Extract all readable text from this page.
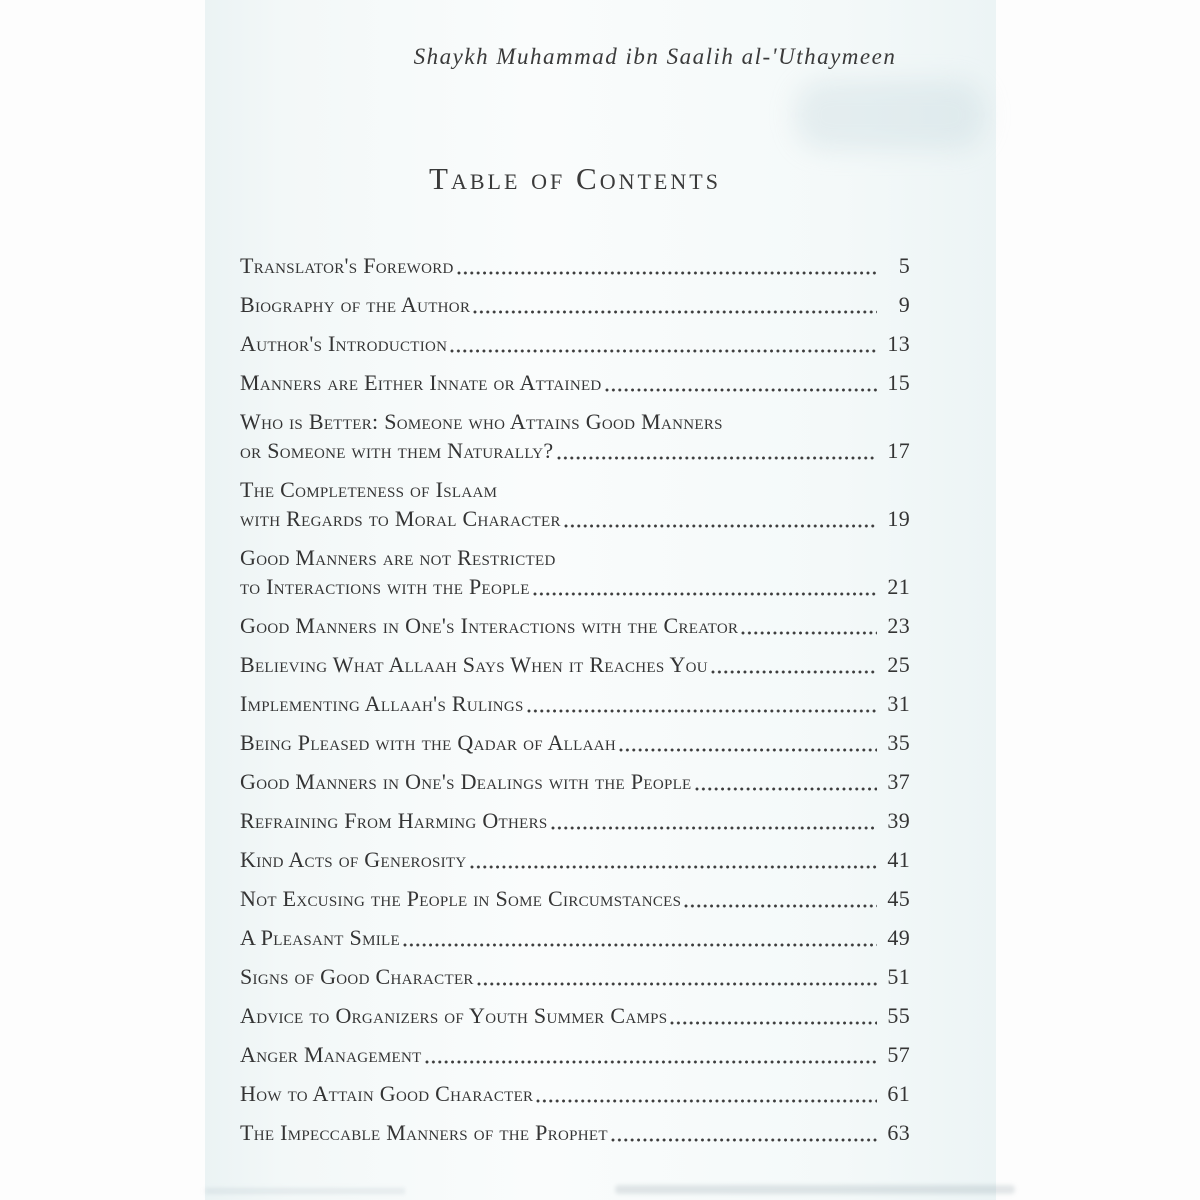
Shaykh Muhammad ibn Saalih al-'Uthaymeen
Table of Contents
Translator's Foreword	5
Biography of the Author	9
Author's Introduction	13
Manners are Either Innate or Attained	15
Who is Better: Someone who Attains Good Manners
or Someone with them Naturally?	17
The Completeness of Islaam
with Regards to Moral Character	19
Good Manners are not Restricted
to Interactions with the People	21
Good Manners in One's Interactions with the Creator	23
Believing What Allaah Says When it Reaches You	25
Implementing Allaah's Rulings	31
Being Pleased with the Qadar of Allaah	35
Good Manners in One's Dealings with the People	37
Refraining From Harming Others	39
Kind Acts of Generosity	41
Not Excusing the People in Some Circumstances	45
A Pleasant Smile	49
Signs of Good Character	51
Advice to Organizers of Youth Summer Camps	55
Anger Management	57
How to Attain Good Character	61
The Impeccable Manners of the Prophet	63
